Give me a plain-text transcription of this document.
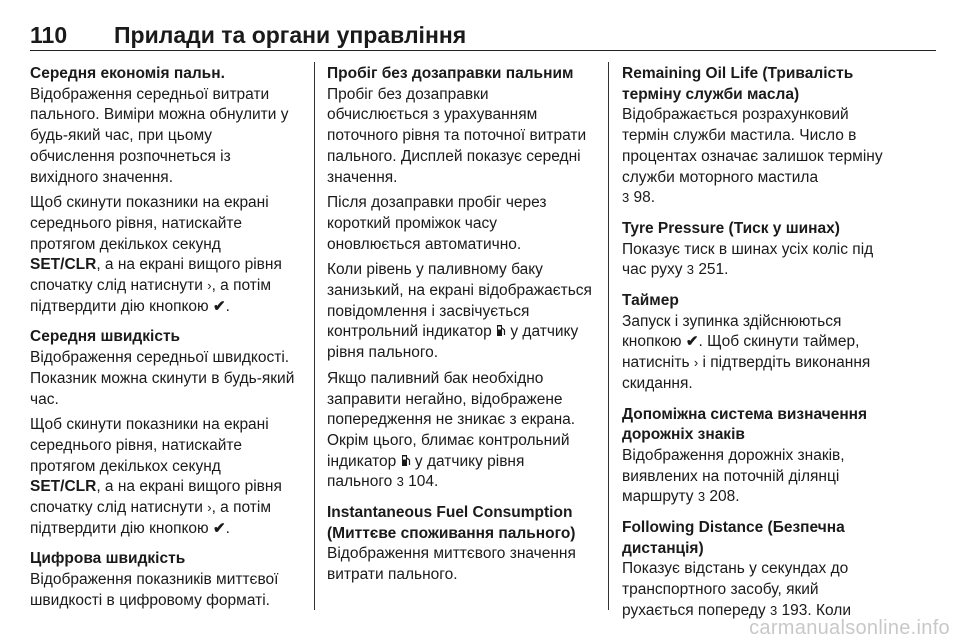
110 Прилади та органи управління

Середня економія пальн.

Відображення середньої витрати пальнoго. Виміри можна обнулити у будь-який час, при цьому обчислення розпочнеться із вихідного значення.

Щоб скинути показники на екрані середнього рівня, натискайте протягом декількох секунд
SET/CLR, а на екрані вищого рівня спочатку слід натиснути ›, а потім підтвердити дію кнопкою ✔.

Середня швидкість

Відображення середньої швидкості. Показник можна скинути в будь-який час.

Щоб скинути показники на екрані середнього рівня, натискайте протягом декількох секунд
SET/CLR, а на екрані вищого рівня спочатку слід натиснути ›, а потім підтвердити дію кнопкою ✔.

Цифрова швидкість

Відображення показників миттєвої швидкості в цифровому форматі.

Пробіг без дозаправки пальним

Пробіг без дозаправки обчислюється з урахуванням поточного рівня та поточної витрати пального. Дисплей показує середні значення.

Після дозаправки пробіг через короткий проміжок часу оновлюється автоматично.

Коли рівень у паливному баку занизький, на екрані відображається повідомлення і засвічується контрольний індикатор у датчику рівня пального.

Якщо паливний бак необхідно заправити негайно, відображене попередження не зникає з екрана. Окрім цього, блимає контрольний індикатор у датчику рівня пального 3 104.

Instantaneous Fuel Consumption (Миттєве споживання пального)

Відображення миттєвого значення витрати пального.

Remaining Oil Life (Тривалість терміну служби масла)

Відображається розрахунковий термін служби мастила. Число в процентах означає залишок терміну служби моторного мастила
3 98.

Tyre Pressure (Тиск у шинах)

Показує тиск в шинах усіх коліс під час руху 3 251.

Таймер

Запуск і зупинка здійснюються кнопкою ✔. Щоб скинути таймер, натисніть › і підтвердіть виконання скидання.

Допоміжна система визначення дорожніх знаків

Відображення дорожніх знаків, виявлених на поточній ділянці маршруту 3 208.

Following Distance (Безпечна дистанція)

Показує відстань у секундах до транспортного засобу, який рухається попереду 3 193. Коли

carmanualsonline.info
